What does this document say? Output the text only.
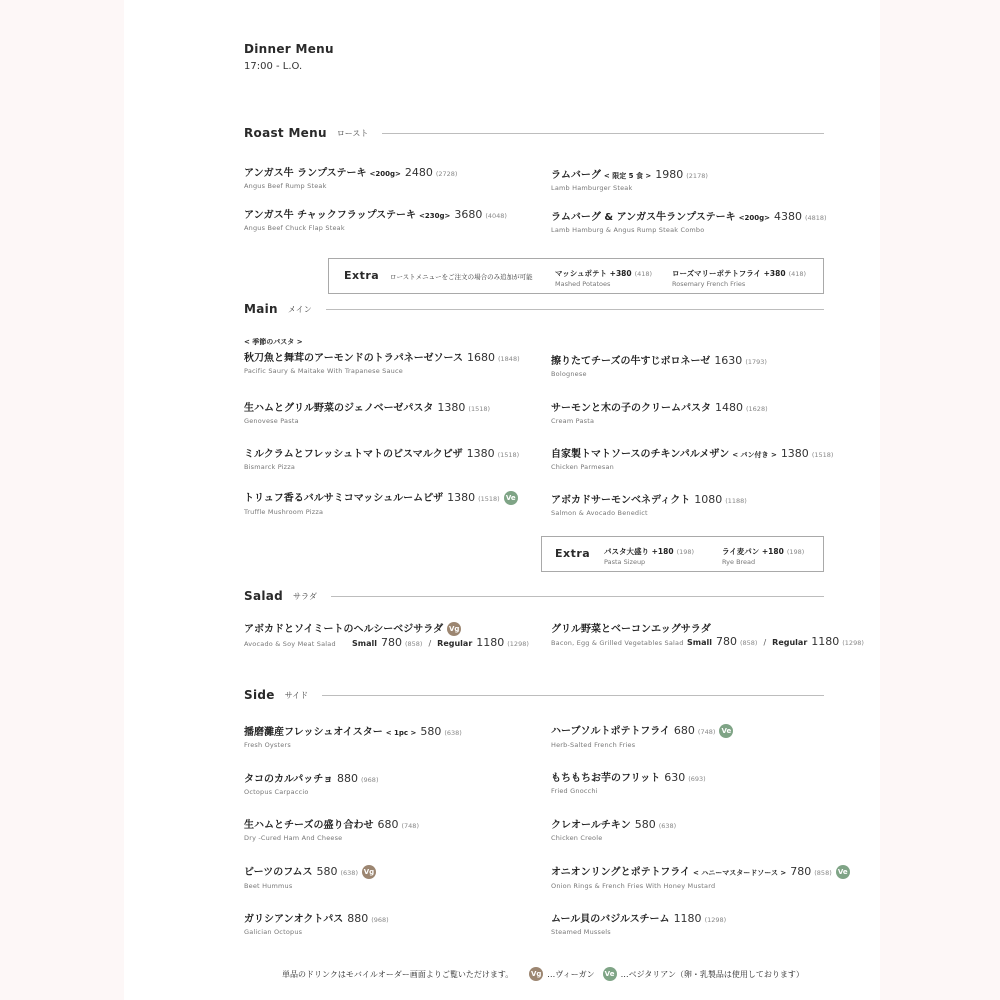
Dinner Menu
17:00 - L.O.
Roast Menu ロースト
アンガス牛 ランプステーキ <200g> 2480 (2728)
Angus Beef Rump Steak
アンガス牛 チャックフラップステーキ <230g> 3680 (4048)
Angus Beef Chuck Flap Steak
ラムバーグ < 限定 5 食 > 1980 (2178)
Lamb Hamburger Steak
ラムバーグ & アンガス牛ランプステーキ <200g> 4380 (4818)
Lamb Hamburg & Angus Rump Steak Combo
Extra ローストメニューをご注文の場合のみ追加が可能	マッシュポテト +380 (418)
Mashed Potatoes
ローズマリーポテトフライ +380 (418)
Rosemary French Fries
Main メイン
< 季節のパスタ >
秋刀魚と舞茸のアーモンドのトラパネーゼソース 1680 (1848)
Pacific Saury & Maitake With Trapanese Sauce
生ハムとグリル野菜のジェノベーゼパスタ 1380 (1518)
Genovese Pasta
ミルクラムとフレッシュトマトのビスマルクピザ 1380 (1518)
Bismarck Pizza
トリュフ香るバルサミコマッシュルームピザ 1380 (1518) Ve
Truffle Mushroom Pizza
擦りたてチーズの牛すじボロネーゼ 1630 (1793)
Bolognese
サーモンと木の子のクリームパスタ 1480 (1628)
Cream Pasta
自家製トマトソースのチキンパルメザン < パン付き > 1380 (1518)
Chicken Parmesan
アボカドサーモンベネディクト 1080 (1188)
Salmon & Avocado Benedict
Extra パスタ大盛り +180 (198)
Pasta Sizeup
ライ麦パン +180 (198)
Rye Bread
Salad サラダ
アボカドとソイミートのヘルシーベジサラダ Vg
Avocado & Soy Meat Salad	Small 780 (858) / Regular 1180 (1298)
グリル野菜とベーコンエッグサラダ
Bacon, Egg & Grilled Vegetables Salad Small 780 (858) / Regular 1180 (1298)
Side サイド
播磨灘産フレッシュオイスター < 1pc > 580 (638)
Fresh Oysters
タコのカルパッチョ 880 (968)
Octopus Carpaccio
生ハムとチーズの盛り合わせ 680 (748)
Dry -Cured Ham And Cheese
ビーツのフムス 580 (638) Vg
Beet Hummus
ガリシアンオクトパス 880 (968)
Galician Octopus
ハーブソルトポテトフライ 680 (748) Ve
Herb-Salted French Fries
もちもちお芋のフリット 630 (693)
Fried Gnocchi
クレオールチキン 580 (638)
Chicken Creole
オニオンリングとポテトフライ < ハニーマスタードソース > 780 (858) Ve
Onion Rings & French Fries With Honey Mustard
ムール貝のバジルスチーム 1180 (1298)
Steamed Mussels
単品のドリンクはモバイルオーダー画面よりご覧いただけます。	Vg …ヴィーガン Ve …ベジタリアン（卵・乳製品は使用しております）
